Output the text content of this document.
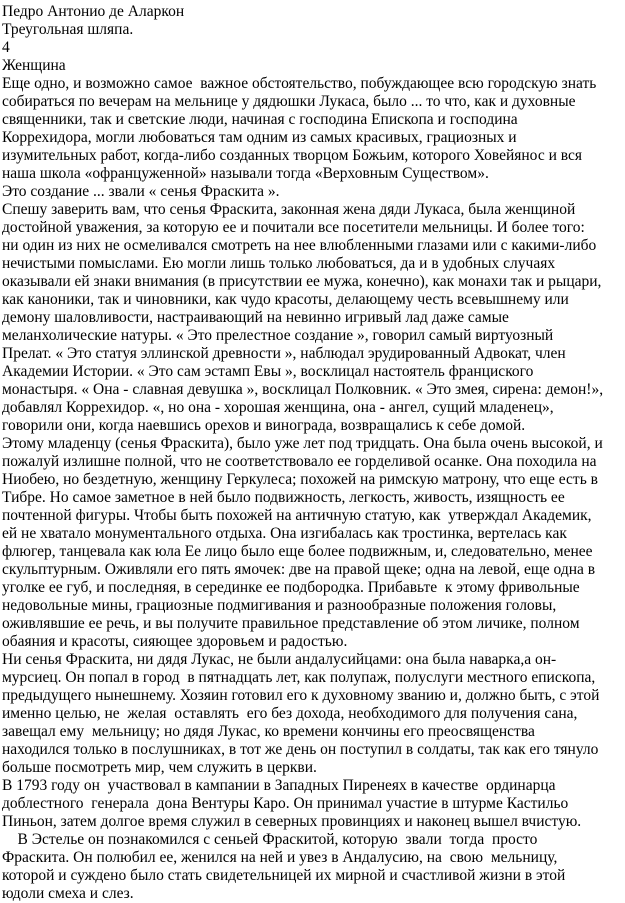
Педро Антонио де Аларкон
Треугольная шляпа.
4
Женщина
Еще одно, и возможно самое  важное обстоятельство, побуждающее всю городскую знать
собираться по вечерам на мельнице у дядюшки Лукаса, было ... то что, как и духовные
священники, так и светские люди, начиная с господина Епископа и господина
Коррехидора, могли любоваться там одним из самых красивых, грациозных и
изумительных работ, когда-либо созданных творцом Божьим, которого Ховейянос и вся
наша школа «офранцуженной» называли тогда «Верховным Существом».
Это создание ... звали « сенья Фраскита ».
Спешу заверить вам, что сенья Фраскита, законная жена дяди Лукаса, была женщиной
достойной уважения, за которую ее и почитали все посетители мельницы. И более того:
ни один из них не осмеливался смотреть на нее влюбленными глазами или с какими-либо
нечистыми помыслами. Ею могли лишь только любоваться, да и в удобных случаях
оказывали ей знаки внимания (в присутствии ее мужа, конечно), как монахи так и рыцари,
как каноники, так и чиновники, как чудо красоты, делающему честь всевышнему или
демону шаловливости, настраивающий на невинно игривый лад даже самые
меланхолические натуры. « Это прелестное создание », говорил самый виртуозный
Прелат. « Это статуя эллинской древности », наблюдал эрудированный Адвокат, член
Академии Истории. « Это сам эстамп Евы », восклицал настоятель франциского
монастыря. « Она - славная девушка », восклицал Полковник. « Это змея, сирена: демон!»,
добавлял Коррехидор. «, но она - хорошая женщина, она - ангел, сущий младенец»,
говорили они, когда наевшись орехов и винограда, возвращались к себе домой.
Этому младенцу (сенья Фраскита), было уже лет под тридцать. Она была очень высокой, и
пожалуй излишне полной, что не соответствовало ее горделивой осанке. Она походила на
Ниобею, но бездетную, женщину Геркулеса; похожей на римскую матрону, что еще есть в
Тибре. Но самое заметное в ней было подвижность, легкость, живость, изящность ее
почтенной фигуры. Чтобы быть похожей на античную статую, как  утверждал Академик,
ей не хватало монументального отдыха. Она изгибалась как тростинка, вертелась как
флюгер, танцевала как юла Ее лицо было еще более подвижным, и, следовательно, менее
скульптурным. Оживляли его пять ямочек: две на правой щеке; одна на левой, еще одна в
уголке ее губ, и последняя, в серединке ее подбородка. Прибавьте  к этому фривольные
недовольные мины, грациозные подмигивания и разнообразные положения головы,
оживлявшие ее речь, и вы получите правильное представление об этом личике, полном
обаяния и красоты, сияющее здоровьем и радостью.
Ни сенья Фраскита, ни дядя Лукас, не были андалусийцами: она была наварка,а он-
мурсиец. Он попал в город  в пятнадцать лет, как полупаж, полуслуги местного епископа,
предыдущего нынешнему. Хозяин готовил его к духовному званию и, должно быть, с этой
именно целью, не  желая  оставлять  его без дохода, необходимого для получения сана,
завещал ему  мельницу; но дядя Лукас, ко времени кончины его преосвященства
находился только в послушниках, в тот же день он поступил в солдаты, так как его тянуло
больше посмотреть мир, чем служить в церкви.
В 1793 году он  участвовал в кампании в Западных Пиренеях в качестве  ординарца
доблестного  генерала  дона Вентуры Каро. Он принимал участие в штурме Кастильо
Пиньон, затем долгое время служил в северных провинциях и наконец вышел вчистую.
В Эстелье он познакомился с сеньей Фраскитой, которую  звали  тогда  просто
Фраскита. Он полюбил ее, женился на ней и увез в Андалусию, на  свою  мельницу,
которой и суждено было стать свидетельницей их мирной и счастливой жизни в этой
юдоли смеха и слез.
